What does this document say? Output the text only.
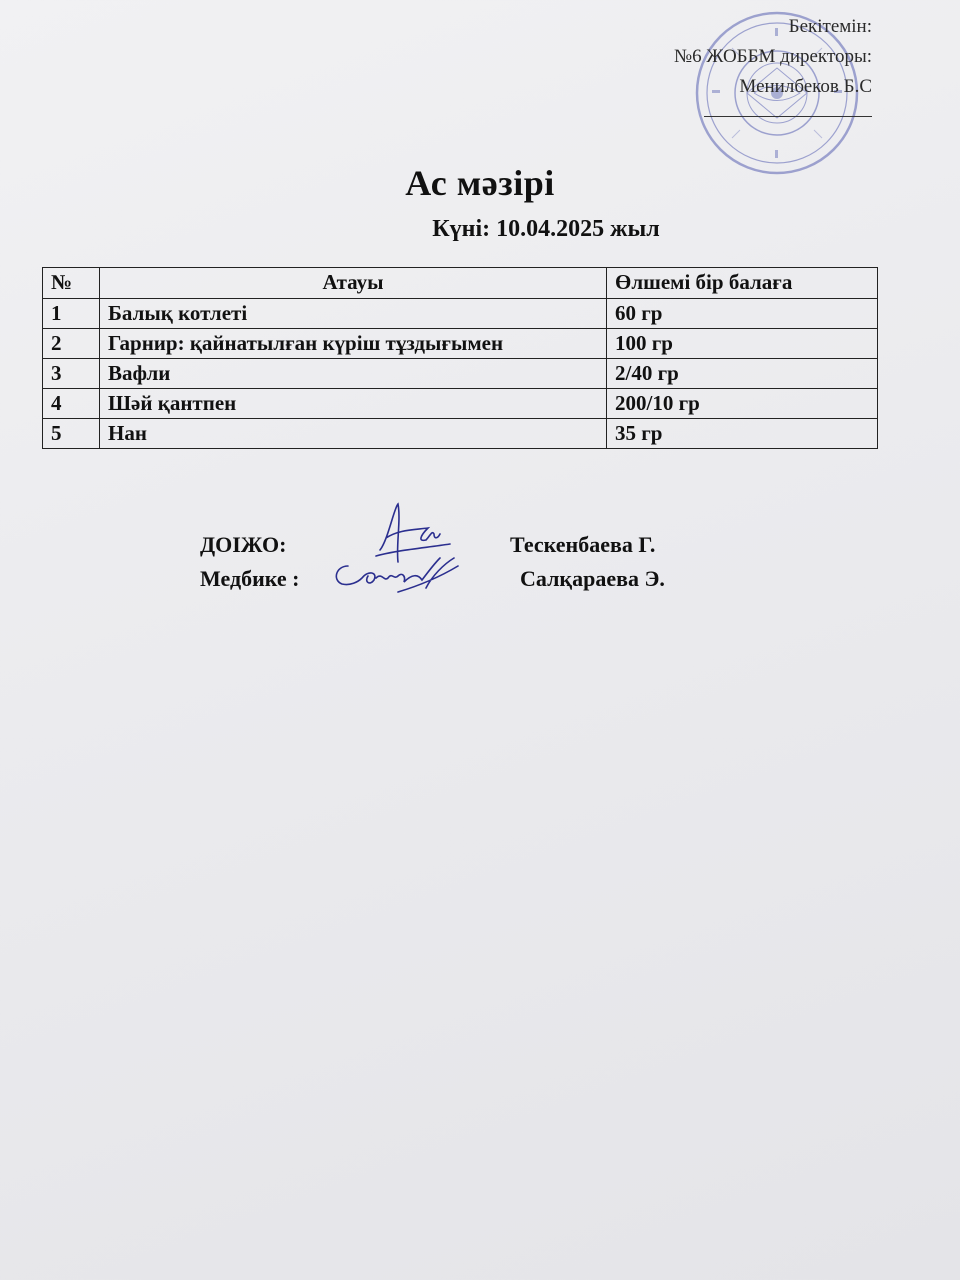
Бекітемін:
№6 ЖОББМ директоры:
Менилбеков Б.С
Ас мәзірі
Күні: 10.04.2025 жыл
№	Атауы	Өлшемі бір балаға
1	Балық котлеті	60 гр
2	Гарнир: қайнатылған күріш тұздығымен	100 гр
3	Вафли	2/40 гр
4	Шәй қантпен	200/10 гр
5	Нан	35 гр
ДОІЖО:	Тескенбаева Г.
Медбике :	Салқараева Э.
